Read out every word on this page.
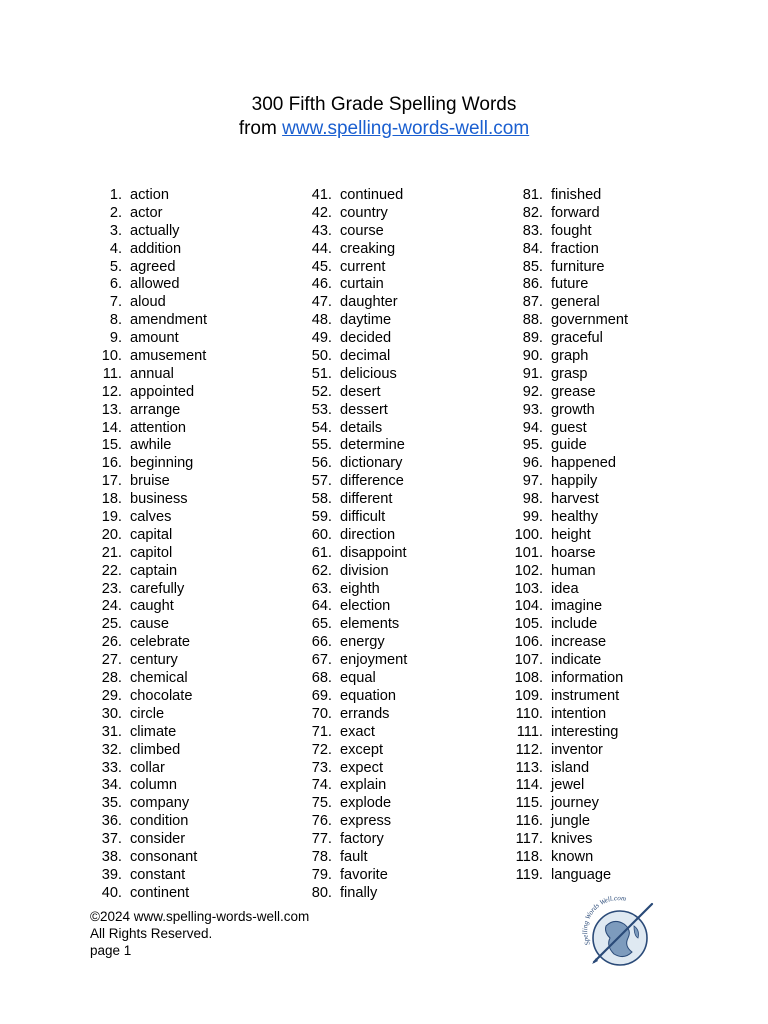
300 Fifth Grade Spelling Words
from www.spelling-words-well.com
1. action
2. actor
3. actually
4. addition
5. agreed
6. allowed
7. aloud
8. amendment
9. amount
10. amusement
11. annual
12. appointed
13. arrange
14. attention
15. awhile
16. beginning
17. bruise
18. business
19. calves
20. capital
21. capitol
22. captain
23. carefully
24. caught
25. cause
26. celebrate
27. century
28. chemical
29. chocolate
30. circle
31. climate
32. climbed
33. collar
34. column
35. company
36. condition
37. consider
38. consonant
39. constant
40. continent
41. continued
42. country
43. course
44. creaking
45. current
46. curtain
47. daughter
48. daytime
49. decided
50. decimal
51. delicious
52. desert
53. dessert
54. details
55. determine
56. dictionary
57. difference
58. different
59. difficult
60. direction
61. disappoint
62. division
63. eighth
64. election
65. elements
66. energy
67. enjoyment
68. equal
69. equation
70. errands
71. exact
72. except
73. expect
74. explain
75. explode
76. express
77. factory
78. fault
79. favorite
80. finally
81. finished
82. forward
83. fought
84. fraction
85. furniture
86. future
87. general
88. government
89. graceful
90. graph
91. grasp
92. grease
93. growth
94. guest
95. guide
96. happened
97. happily
98. harvest
99. healthy
100. height
101. hoarse
102. human
103. idea
104. imagine
105. include
106. increase
107. indicate
108. information
109. instrument
110. intention
111. interesting
112. inventor
113. island
114. jewel
115. journey
116. jungle
117. knives
118. known
119. language
©2024 www.spelling-words-well.com
All Rights Reserved.
page 1
Spelling Words Well.com
